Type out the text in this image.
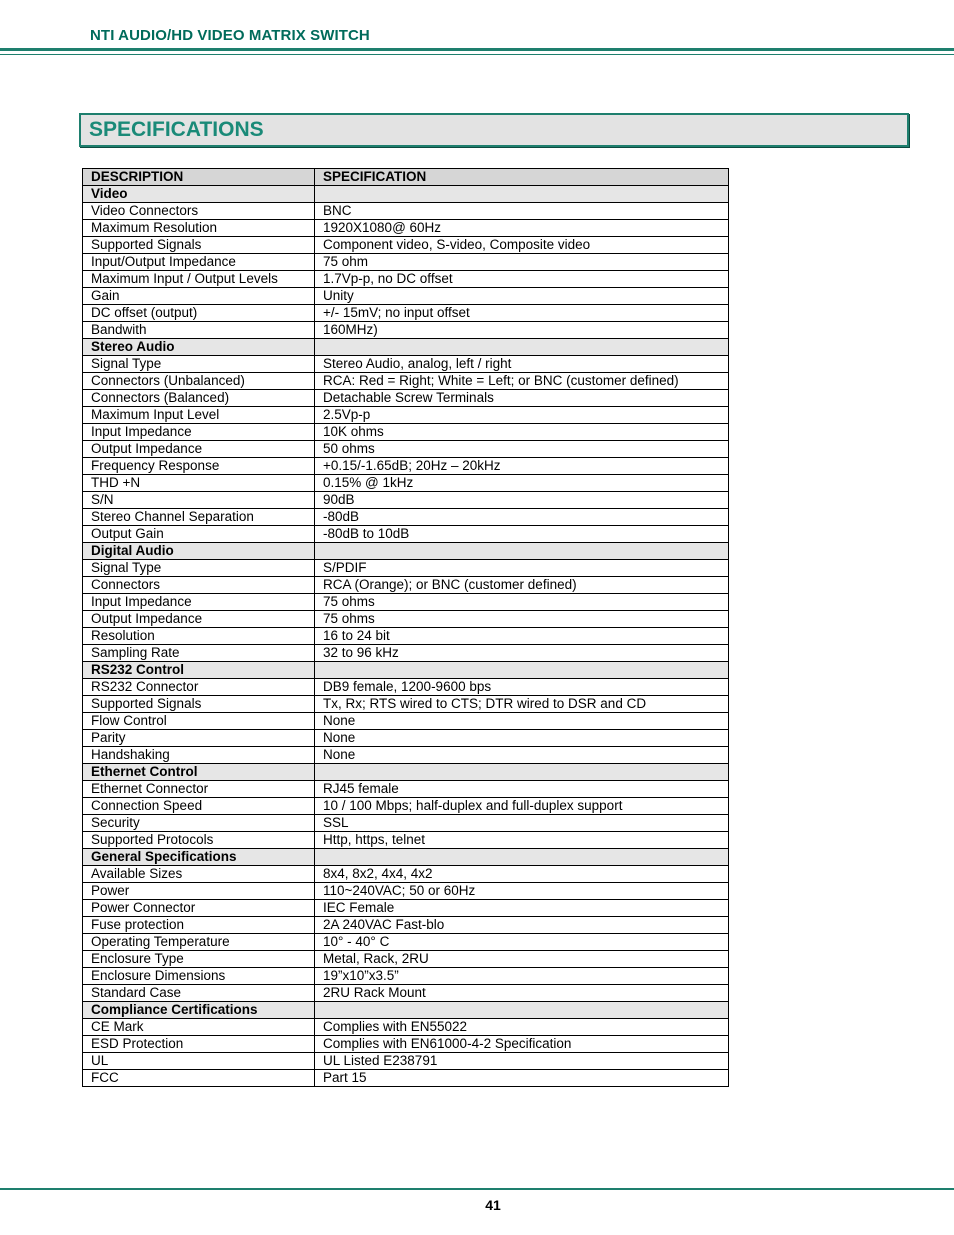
NTI AUDIO/HD VIDEO MATRIX SWITCH
SPECIFICATIONS
DESCRIPTION	SPECIFICATION
Video	
Video Connectors	BNC
Maximum Resolution	1920X1080@ 60Hz
Supported Signals	Component video, S-video, Composite video
Input/Output Impedance	75 ohm
Maximum Input / Output Levels	1.7Vp-p, no DC offset
Gain	Unity
DC offset (output)	+/- 15mV; no input offset
Bandwith	160MHz)
Stereo Audio	
Signal Type	Stereo Audio, analog, left / right
Connectors (Unbalanced)	RCA: Red = Right; White = Left; or BNC (customer defined)
Connectors (Balanced)	Detachable Screw Terminals
Maximum Input Level	2.5Vp-p
Input Impedance	10K ohms
Output Impedance	50 ohms
Frequency Response	+0.15/-1.65dB; 20Hz – 20kHz
THD +N	0.15% @ 1kHz
S/N	90dB
Stereo Channel Separation	-80dB
Output Gain	-80dB to 10dB
Digital Audio	
Signal Type	S/PDIF
Connectors	RCA (Orange); or BNC (customer defined)
Input Impedance	75 ohms
Output Impedance	75 ohms
Resolution	16 to 24 bit
Sampling Rate	32 to 96 kHz
RS232 Control	
RS232 Connector	DB9 female, 1200-9600 bps
Supported Signals	Tx, Rx; RTS wired to CTS; DTR wired to DSR and CD
Flow Control	None
Parity	None
Handshaking	None
Ethernet Control	
Ethernet Connector	RJ45 female
Connection Speed	10 / 100 Mbps; half-duplex and full-duplex support
Security	SSL
Supported Protocols	Http, https, telnet
General Specifications	
Available Sizes	8x4, 8x2, 4x4, 4x2
Power	110~240VAC; 50 or 60Hz
Power Connector	IEC Female
Fuse protection	2A 240VAC Fast-blo
Operating Temperature	10° - 40° C
Enclosure Type	Metal, Rack, 2RU
Enclosure Dimensions	19”x10”x3.5”
Standard Case	2RU Rack Mount
Compliance Certifications	
CE Mark	Complies with EN55022
ESD Protection	Complies with EN61000-4-2 Specification
UL	UL Listed E238791
FCC	Part 15
41
